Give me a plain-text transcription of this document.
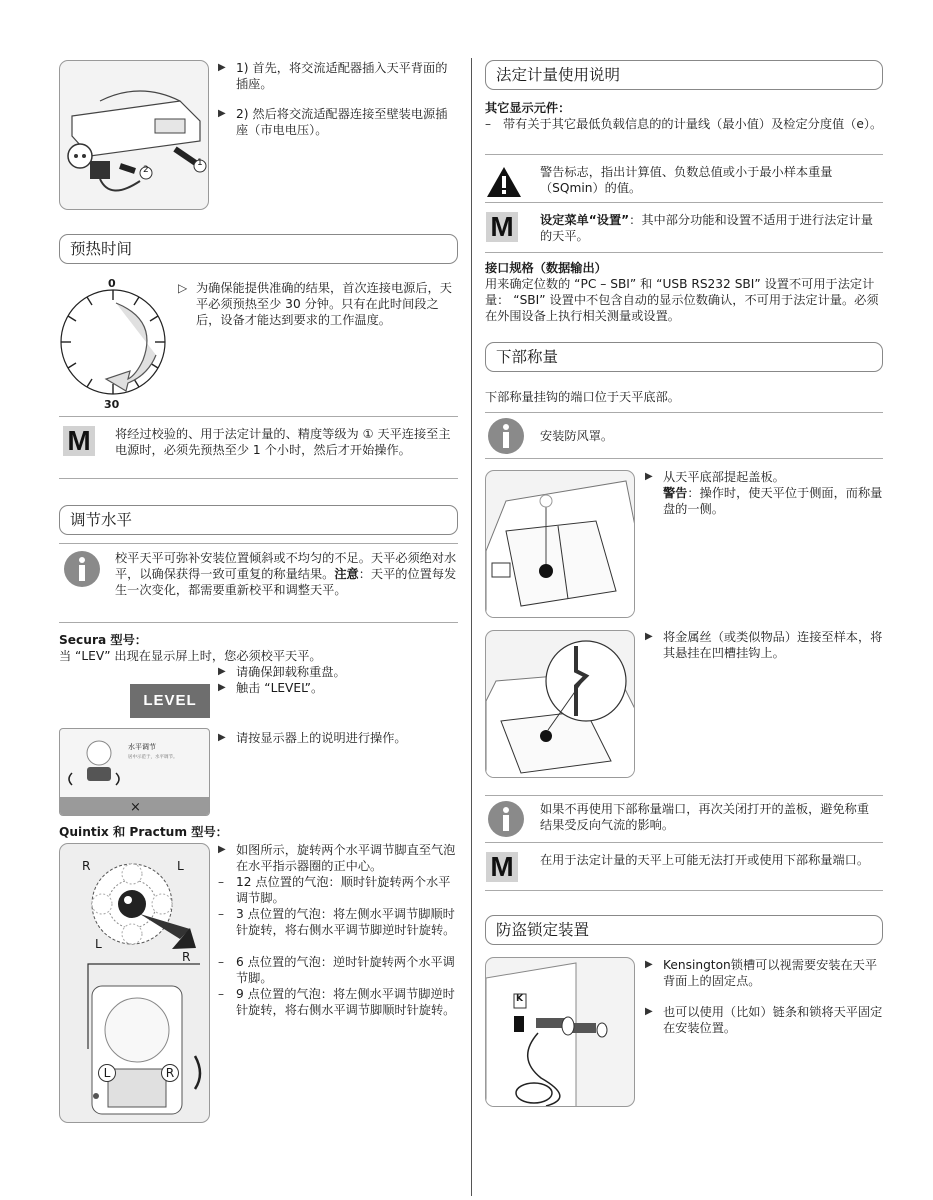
1
2
▶ 1) 首先，将交流适配器插入天平背面的插座。
▶ 2) 然后将交流适配器连接至壁装电源插座（市电电压）。
预热时间
0
30
▷ 为确保能提供准确的结果，首次连接电源后，天平必须预热至少 30 分钟。只有在此时间段之后，设备才能达到要求的工作温度。
M	将经过校验的、用于法定计量的、精度等级为 ① 天平连接至主电源时，必须先预热至少 1 个小时，然后才开始操作。
调节水平
校平天平可弥补安装位置倾斜或不均匀的不足。天平必须绝对水平，以确保获得一致可重复的称量结果。注意：天平的位置每发生一次变化，都需要重新校平和调整天平。
Secura 型号：
当 “LEV” 出现在显示屏上时，您必须校平天平。
▶ 请确保卸载称重盘。
▶ 触击 “LEVEL”。
LEVEL
水平调节
居中示范于，水平调节。
×
▶ 请按显示器上的说明进行操作。
Quintix 和 Practum 型号：
R	L
L
R
L	R
▶ 如图所示，旋转两个水平调节脚直至气泡在水平指示器圈的正中心。
– 12 点位置的气泡：顺时针旋转两个水平调节脚。
– 3 点位置的气泡：将左侧水平调节脚顺时针旋转，将右侧水平调节脚逆时针旋转。
– 6 点位置的气泡：逆时针旋转两个水平调节脚。
– 9 点位置的气泡：将左侧水平调节脚逆时针旋转，将右侧水平调节脚顺时针旋转。
法定计量使用说明
其它显示元件：
– 带有关于其它最低负载信息的的计量线（最小值）及检定分度值（e）。
警告标志，指出计算值、负数总值或小于最小样本重量（SQmin）的值。
M	设定菜单“设置”：其中部分功能和设置不适用于进行法定计量的天平。
接口规格（数据输出）
用来确定位数的 “PC – SBI” 和 “USB RS232 SBI” 设置不可用于法定计量： “SBI” 设置中不包含自动的显示位数确认，不可用于法定计量。必须在外围设备上执行相关测量或设置。
下部称量
下部称量挂钩的端口位于天平底部。
安装防风罩。
▶ 从天平底部提起盖板。
警告：操作时，使天平位于侧面，而称量盘的一侧。
▶ 将金属丝（或类似物品）连接至样本，将其悬挂在凹槽挂钩上。
如果不再使用下部称量端口，再次关闭打开的盖板，避免称重结果受反向气流的影响。
M	在用于法定计量的天平上可能无法打开或使用下部称量端口。
防盗锁定装置
K
▶ Kensington锁槽可以视需要安装在天平背面上的固定点。
▶ 也可以使用（比如）链条和锁将天平固定在安装位置。
